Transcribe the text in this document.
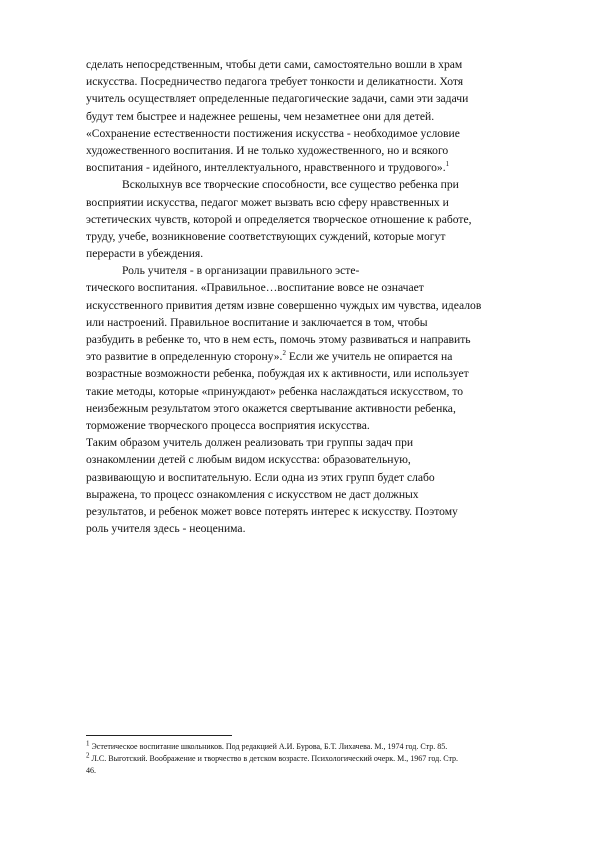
сделать непосредственным, чтобы дети сами, самостоятельно вошли в храм
искусства. Посредничество педагога требует тонкости и деликатности. Хотя
учитель осуществляет определенные педагогические задачи, сами эти задачи
будут тем быстрее и надежнее решены, чем незаметнее они для детей.
«Сохранение естественности постижения искусства - необходимое условие
художественного воспитания. И не только художественного, но и всякого
воспитания - идейного, интеллектуального, нравственного и трудового».$^1$
Всколыхнув все творческие способности, все существо ребенка при
восприятии искусства, педагог может вызвать всю сферу нравственных и
эстетических чувств, которой и определяется творческое отношение к работе,
труду, учебе, возникновение соответствующих суждений, которые могут
перерасти в убеждения.
Роль учителя - в организации правильного эсте-
тического воспитания. «Правильное…воспитание вовсе не означает
искусственного привития детям извне совершенно чуждых им чувства, идеалов
или настроений. Правильное воспитание и заключается в том, чтобы
разбудить в ребенке то, что в нем есть, помочь этому развиваться и направить
это развитие в определенную сторону».$^2$ Если же учитель не опирается на
возрастные возможности ребенка, побуждая их к активности, или использует
такие методы, которые «принуждают» ребенка наслаждаться искусством, то
неизбежным результатом этого окажется свертывание активности ребенка,
торможение творческого процесса восприятия искусства.
Таким образом учитель должен реализовать три группы задач при
ознакомлении детей с любым видом искусства: образовательную,
развивающую и воспитательную. Если одна из этих групп будет слабо
выражена, то процесс ознакомления с искусством не даст должных
результатов, и ребенок может вовсе потерять интерес к искусству. Поэтому
роль учителя здесь - неоценима.
$^1$ Эстетическое воспитание школьников. Под редакцией А.И. Бурова, Б.Т. Лихачева. М., 1974 год. Стр. 85.
$^2$ Л.С. Выготский. Воображение и творчество в детском возрасте. Психологический очерк. М., 1967 год. Стр.
46.
